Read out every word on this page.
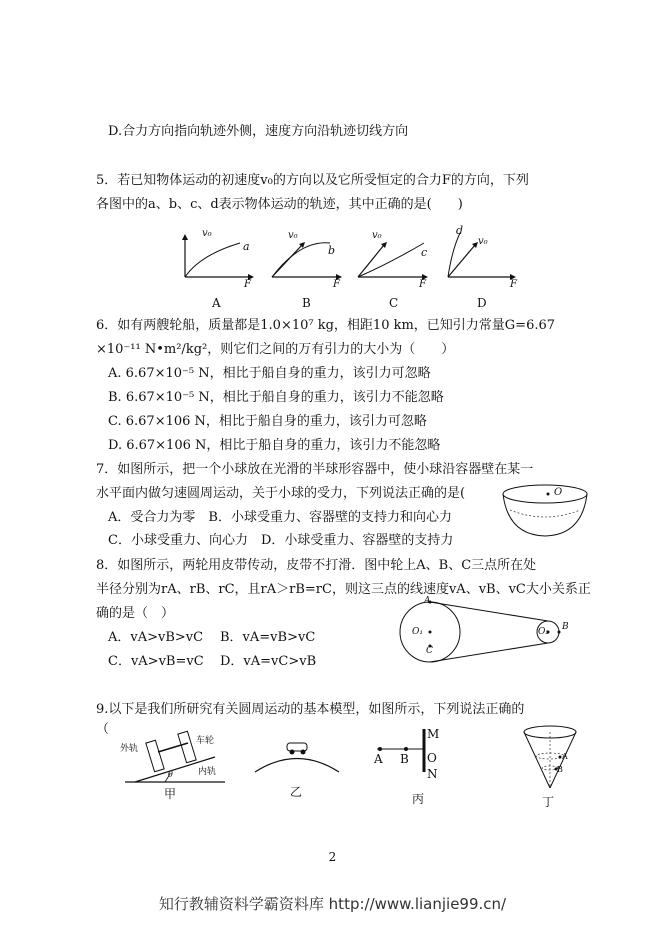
D.合力方向指向轨迹外侧，速度方向沿轨迹切线方向
5．若已知物体运动的初速度v₀的方向以及它所受恒定的合力F的方向，下列
各图中的a、b、c、d表示物体运动的轨迹，其中正确的是(　　)
v₀
a
F
v₀
b
F
v₀
c
F
d
v₀
F
A	B	C	D
6．如有两艘轮船，质量都是1.0×10⁷ kg，相距10 km，已知引力常量G=6.67
×10⁻¹¹ N•m²/kg²，则它们之间的万有引力的大小为（　　）
A. 6.67×10⁻⁵ N，相比于船自身的重力，该引力可忽略
B. 6.67×10⁻⁵ N，相比于船自身的重力，该引力不能忽略
C. 6.67×106 N，相比于船自身的重力，该引力可忽略
D. 6.67×106 N，相比于船自身的重力，该引力不能忽略
7．如图所示，把一个小球放在光滑的半球形容器中，使小球沿容器壁在某一
水平面内做匀速圆周运动，关于小球的受力，下列说法正确的是(
A．受合力为零　B．小球受重力、容器壁的支持力和向心力
C．小球受重力、向心力　D．小球受重力、容器壁的支持力
O
8．如图所示，两轮用皮带传动，皮带不打滑．图中轮上A、B、C三点所在处
半径分别为rA、rB、rC，且rA＞rB=rC，则这三点的线速度vA、vB、vC大小关系正
确的是（　）
A．vA>vB>vC B．vA=vB>vC
C．vA>vB=vC D．vA=vC>vB
A
O₁
C
O₂ B
9.以下是我们所研究有关圆周运动的基本模型，如图所示，下列说法正确的
（
外轨
车轮
内轨
θ
甲	乙
A B
M
O
N
丙
A
B
丁
2
知行教辅资料学霸资料库 http://www.lianjie99.cn/
